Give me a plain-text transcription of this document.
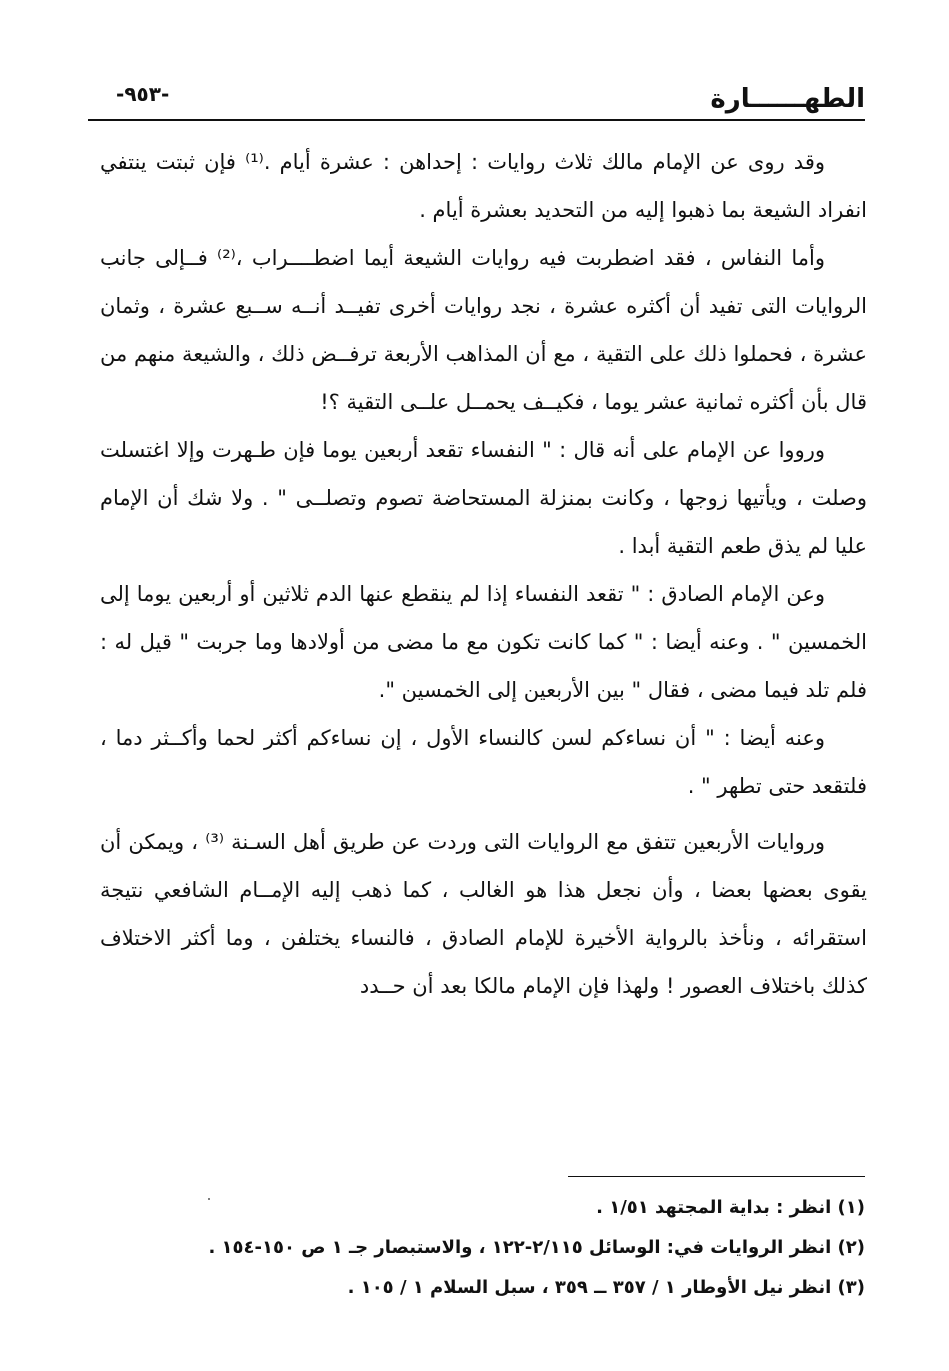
-٩٥٣-	الطهــــــارة

وقد روى عن الإمام مالك ثلاث روايات : إحداهن : عشرة أيام .⁽¹⁾ فإن ثبتت ينتفي انفراد الشيعة بما ذهبوا إليه من التحديد بعشرة أيام .

وأما النفاس ، فقد اضطربت فيه روايات الشيعة أيما اضطــــراب ،⁽²⁾ فــإلى جانب الروايات التى تفيد أن أكثره عشرة ، نجد روايات أخرى تفيــد أنــه ســبع عشرة ، وثمان عشرة ، فحملوا ذلك على التقية ، مع أن المذاهب الأربعة ترفــض ذلك ، والشيعة منهم من قال بأن أكثره ثمانية عشر يوما ، فكيــف يحمــل علــى التقية ؟!

ورووا عن الإمام على أنه قال : " النفساء تقعد أربعين يوما فإن طـهرت وإلا اغتسلت وصلت ، ويأتيها زوجها ، وكانت بمنزلة المستحاضة تصوم وتصلــى " . ولا شك أن الإمام عليا لم يذق طعم التقية أبدا .

وعن الإمام الصادق : " تقعد النفساء إذا لم ينقطع عنها الدم ثلاثين أو أربعين يوما إلى الخمسين " . وعنه أيضا : " كما كانت تكون مع ما مضى من أولادها وما جربت " قيل له : فلم تلد فيما مضى ، فقال " بين الأربعين إلى الخمسين ".

وعنه أيضا : " أن نساءكم لسن كالنساء الأول ، إن نساءكم أكثر لحما وأكــثر دما ، فلتقعد حتى تطهر " .

وروايات الأربعين تتفق مع الروايات التى وردت عن طريق أهل السـنة ⁽³⁾ ، ويمكن أن يقوى بعضها بعضا ، وأن نجعل هذا هو الغالب ، كما ذهب إليه الإمــام الشافعي نتيجة استقرائه ، ونأخذ بالرواية الأخيرة للإمام الصادق ، فالنساء يختلفن ، وما أكثر الاختلاف كذلك باختلاف العصور ! ولهذا فإن الإمام مالكا بعد أن حــدد

(١) انظر : بداية المجتهد ١/٥١ .
(٢) انظر الروايات في: الوسائل ٢/١١٥-١٢٢ ، والاستبصار جـ ١ ص ١٥٠-١٥٤ .
(٣) انظر نيل الأوطار ١ / ٣٥٧ ــ ٣٥٩ ، سبل السلام ١ / ١٠٥ .
